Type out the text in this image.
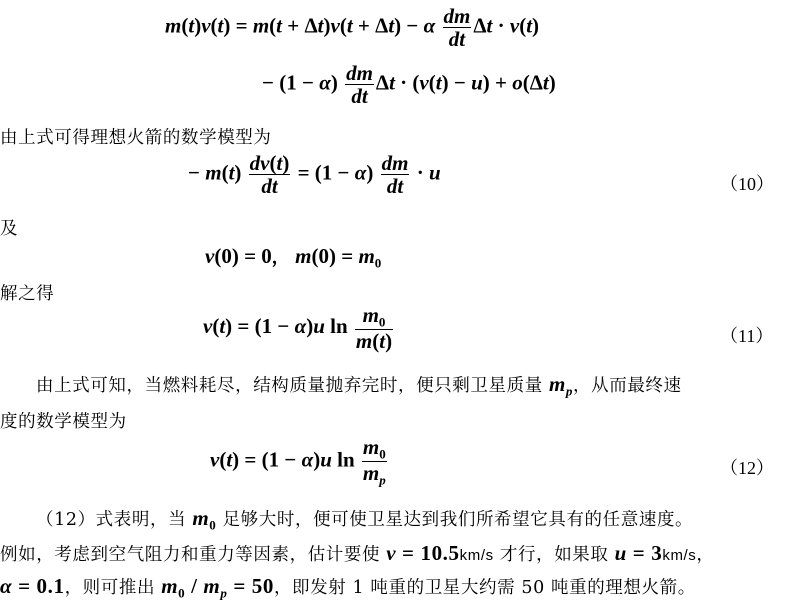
m(t)v(t) = m(t + Δt)v(t + Δt) − α $\frac{dm}{dt}$ Δt · v(t)
− $(1 - \alpha) \frac{dm}{dt}$ Δt · (v(t) − u) + o(Δt)
由上式可得理想火箭的数学模型为
− $m(t) \frac{dv(t)}{dt} = (1 - \alpha) \frac{dm}{dt} \cdot u$	（10）
及
v(0) = 0， $m(0) = m_0$
解之得
v(t) = (1 − α)u $\ln \frac{m_0}{m(t)}$	（11）
由上式可知，当燃料耗尽，结构质量抛弃完时，便只剩卫星质量 $m_p$，从而最终速
度的数学模型为
v(t) = (1 − α)u $\ln \frac{m_0}{m_p}$	（12）
（12）式表明，当 $m_0$ 足够大时，便可使卫星达到我们所希望它具有的任意速度。
例如，考虑到空气阻力和重力等因素，估计要使 v = 10.5km/s 才行，如果取 u = 3km/s，
α = 0.1，则可推出 $m_0 / m_p = 50$，即发射 1 吨重的卫星大约需 50 吨重的理想火箭。
